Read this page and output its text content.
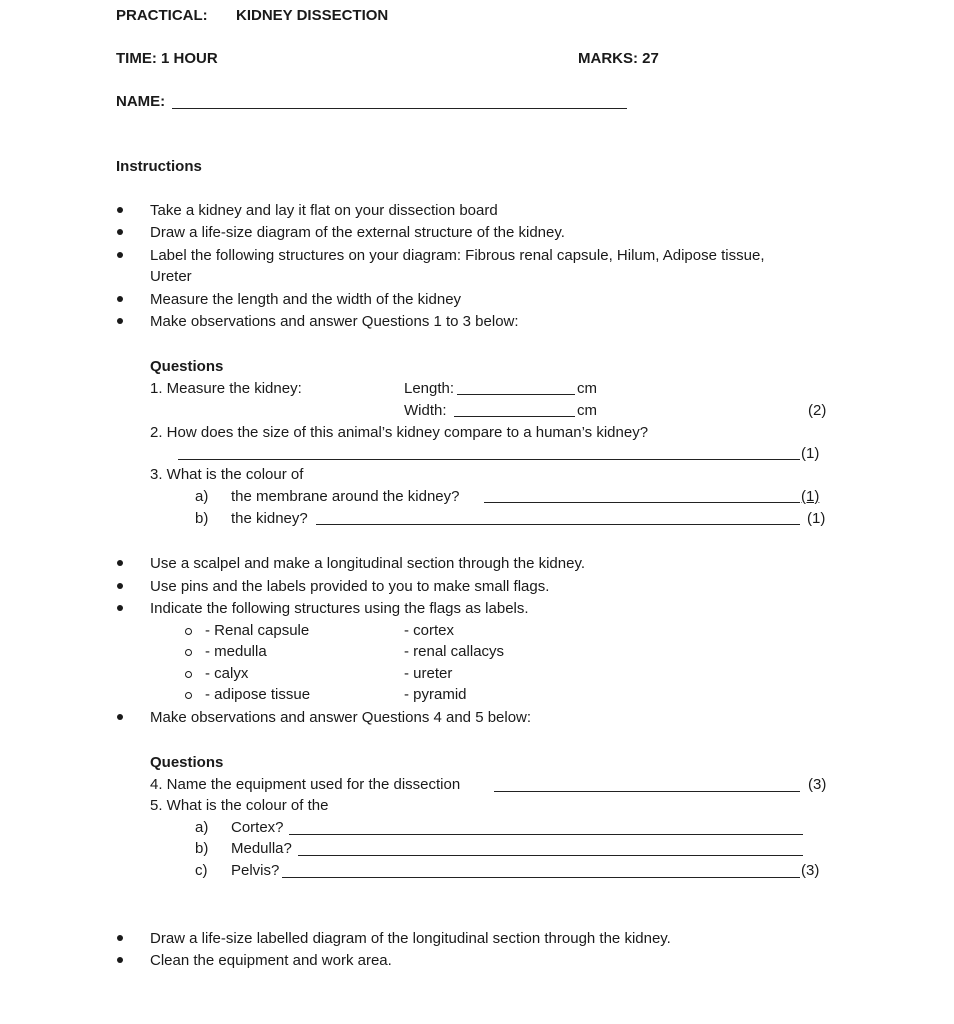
PRACTICAL: KIDNEY DISSECTION
TIME: 1 HOUR	MARKS: 27
NAME:
Instructions
Take a kidney and lay it flat on your dissection board
Draw a life-size diagram of the external structure of the kidney.
Label the following structures on your diagram: Fibrous renal capsule, Hilum, Adipose tissue,
Ureter
Measure the length and the width of the kidney
Make observations and answer Questions 1 to 3 below:
Questions
1. Measure the kidney:	Length:	cm
Width:	cm	(2)
2. How does the size of this animal’s kidney compare to a human’s kidney?
(1)
3. What is the colour of
a) the membrane around the kidney?	(1)
b) the kidney?	(1)
Use a scalpel and make a longitudinal section through the kidney.
Use pins and the labels provided to you to make small flags.
Indicate the following structures using the flags as labels.
- Renal capsule	- cortex
- medulla	- renal callacys
- calyx	- ureter
- adipose tissue	- pyramid
Make observations and answer Questions 4 and 5 below:
Questions
4. Name the equipment used for the dissection	(3)
5. What is the colour of the
a) Cortex?
b) Medulla?
c) Pelvis?	(3)
Draw a life-size labelled diagram of the longitudinal section through the kidney.
Clean the equipment and work area.
